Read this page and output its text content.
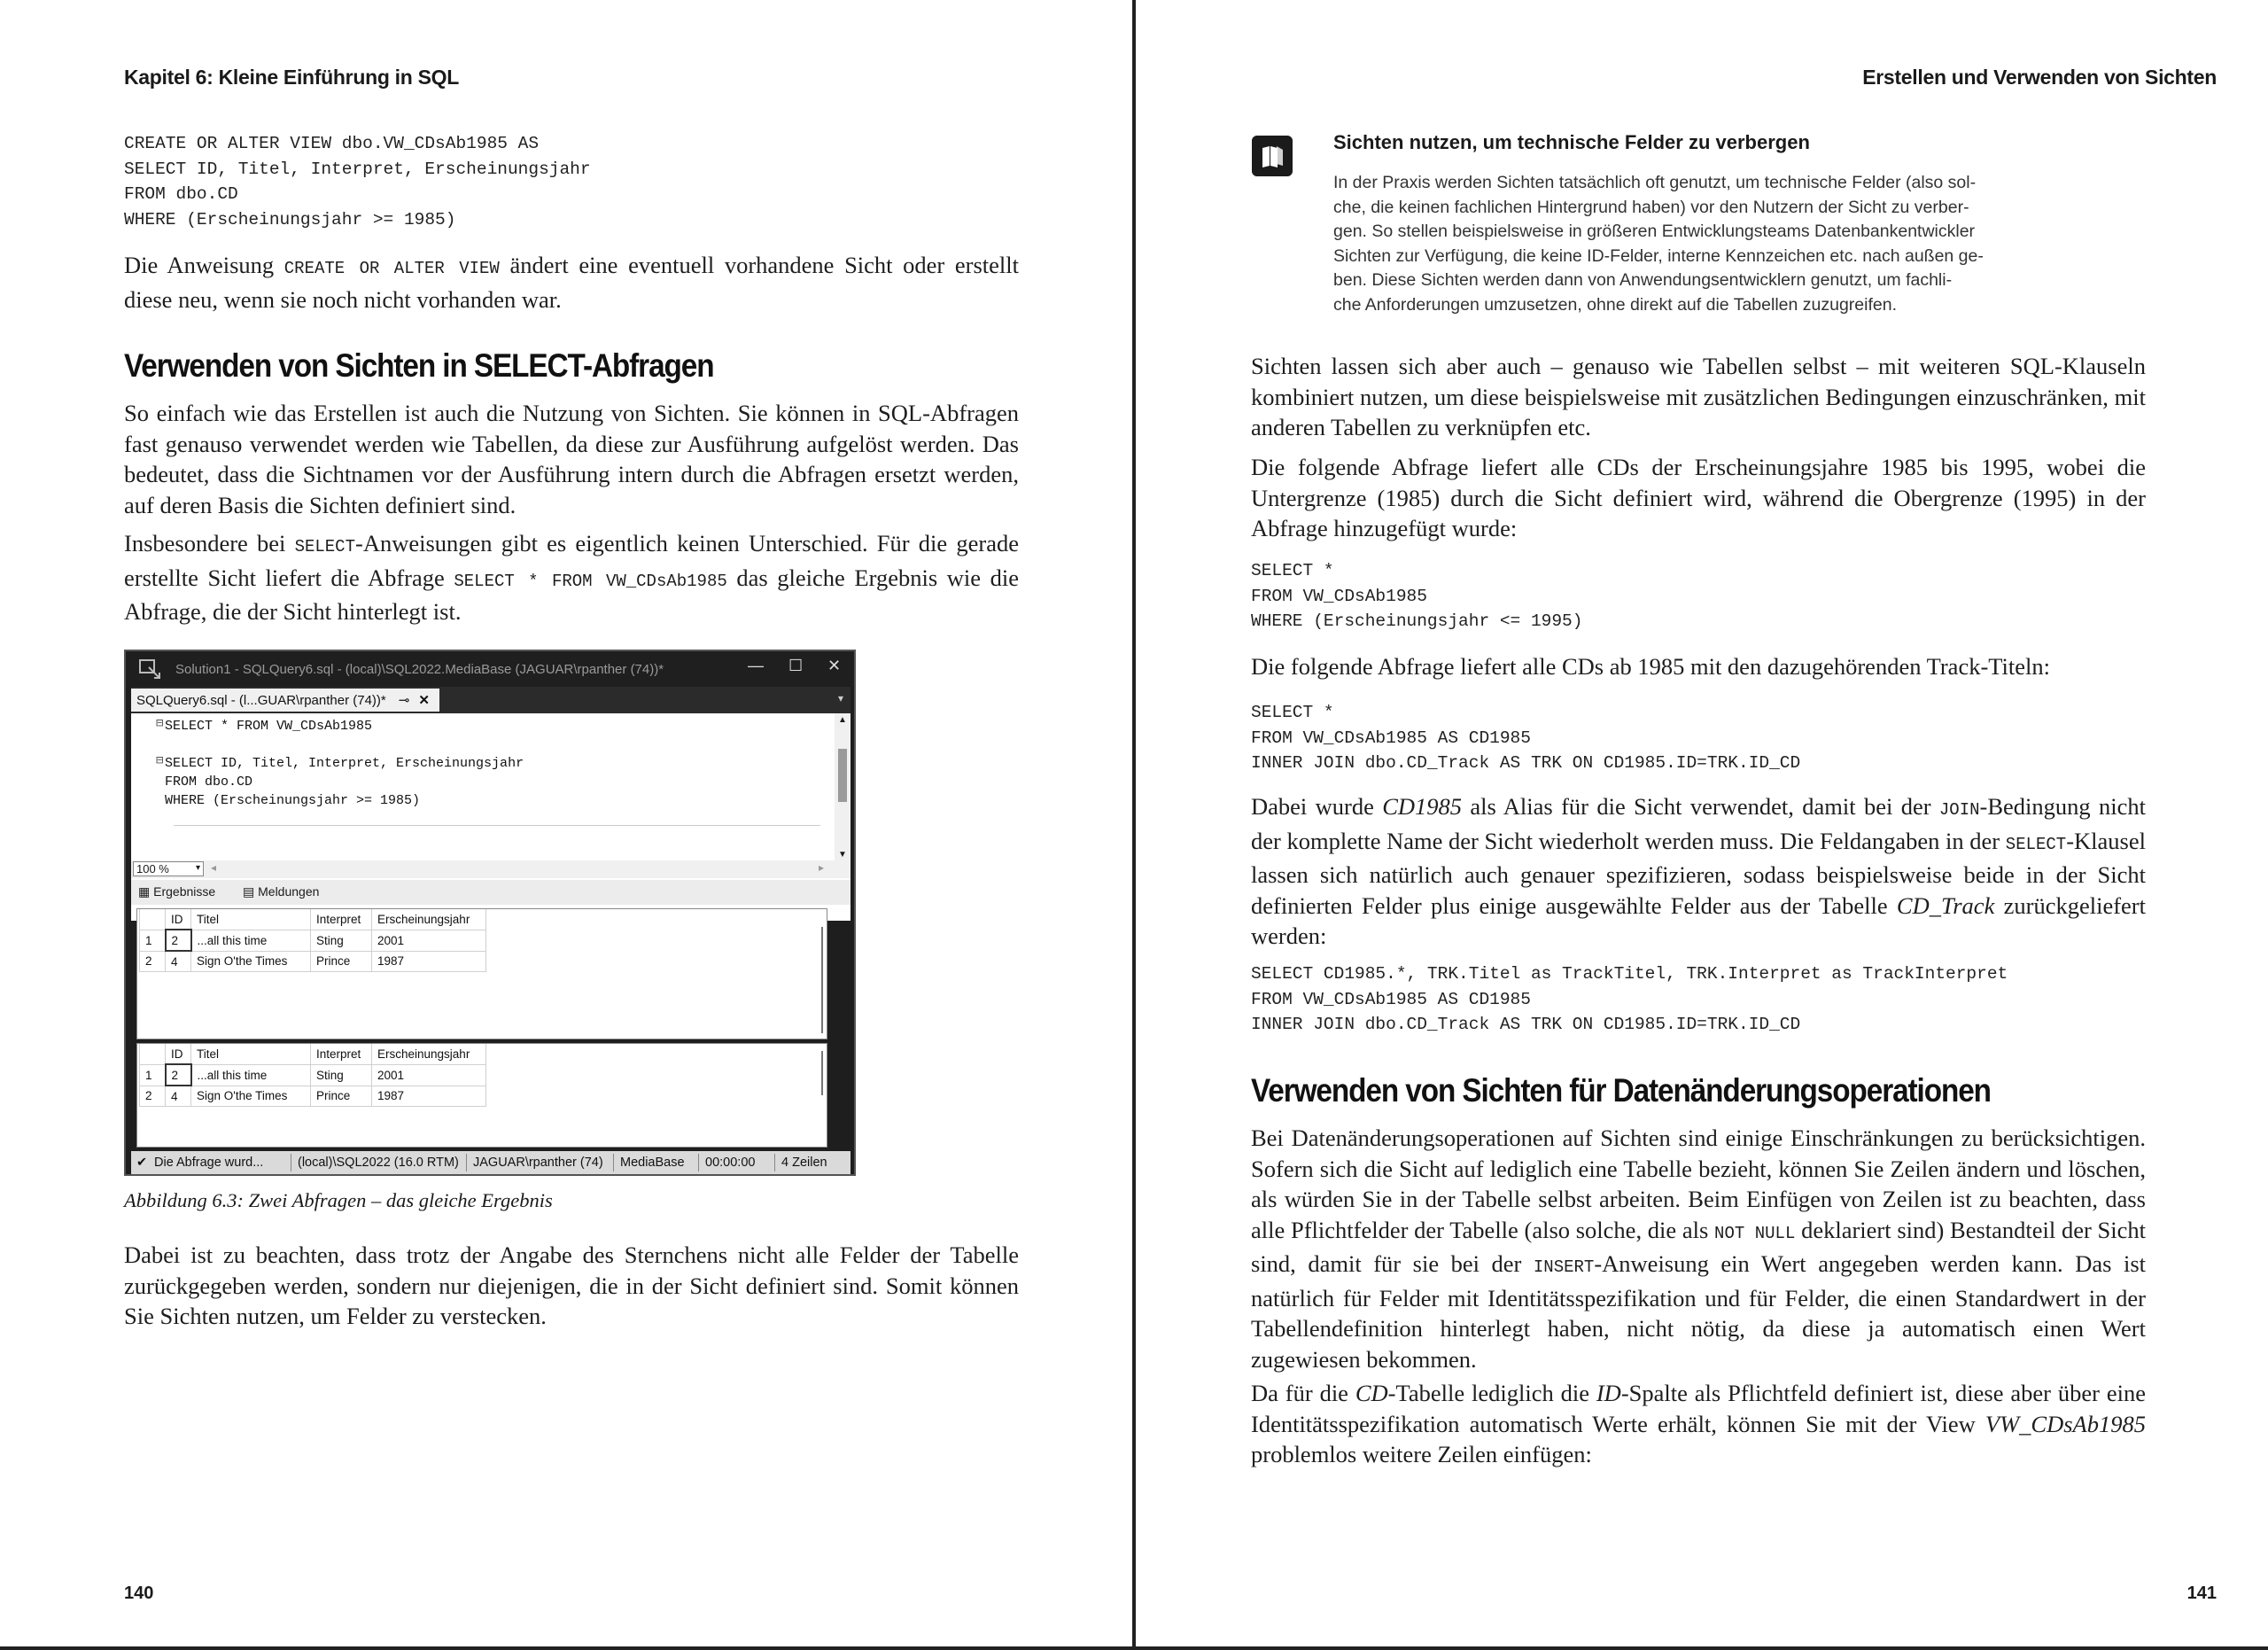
Kapitel 6: Kleine Einführung in SQL
CREATE OR ALTER VIEW dbo.VW_CDsAb1985 AS
SELECT ID, Titel, Interpret, Erscheinungsjahr
FROM dbo.CD
WHERE (Erscheinungsjahr >= 1985)

Die Anweisung CREATE OR ALTER VIEW ändert eine eventuell vorhandene Sicht oder erstellt diese neu, wenn sie noch nicht vorhanden war.

Verwenden von Sichten in SELECT-Abfragen

So einfach wie das Erstellen ist auch die Nutzung von Sichten. Sie können in SQL-Abfragen fast genauso verwendet werden wie Tabellen, da diese zur Ausführung aufgelöst werden. Das bedeutet, dass die Sichtnamen vor der Ausführung intern durch die Abfragen ersetzt werden, auf deren Basis die Sichten definiert sind.

Insbesondere bei SELECT-Anweisungen gibt es eigentlich keinen Unterschied. Für die gerade erstellte Sicht liefert die Abfrage SELECT * FROM VW_CDsAb1985 das gleiche Ergebnis wie die Abfrage, die der Sicht hinterlegt ist.

Solution1 - SQLQuery6.sql - (local)\SQL2022.MediaBase (JAGUAR\rpanther (74))*	— ☐ ✕
SQLQuery6.sql - (l...GUAR\rpanther (74))* ⊸ ✕	▾
⊟
⊟
SELECT * FROM VW_CDsAb1985

SELECT ID, Titel, Interpret, Erscheinungsjahr
FROM dbo.CD
WHERE (Erscheinungsjahr >= 1985)
▲
▼
100 %	▾ ◂	▸
▦ Ergebnisse ▤ Meldungen
	ID	Titel	Interpret	Erscheinungsjahr
1	2	...all this time	Sting	2001
2	4	Sign O'the Times	Prince	1987
	ID	Titel	Interpret	Erscheinungsjahr
1	2	...all this time	Sting	2001
2	4	Sign O'the Times	Prince	1987
✔ Die Abfrage wurd...	(local)\SQL2022 (16.0 RTM) JAGUAR\rpanther (74) MediaBase 00:00:00 4 Zeilen
Abbildung 6.3: Zwei Abfragen – das gleiche Ergebnis

Dabei ist zu beachten, dass trotz der Angabe des Sternchens nicht alle Felder der Tabelle zurückgegeben werden, sondern nur diejenigen, die in der Sicht definiert sind. Somit können Sie Sichten nutzen, um Felder zu verstecken.

140
Erstellen und Verwenden von Sichten
141
Sichten nutzen, um technische Felder zu verbergen
In der Praxis werden Sichten tatsächlich oft genutzt, um technische Felder (also sol-
che, die keinen fachlichen Hintergrund haben) vor den Nutzern der Sicht zu verber-
gen. So stellen beispielsweise in größeren Entwicklungsteams Datenbankentwickler
Sichten zur Verfügung, die keine ID-Felder, interne Kennzeichen etc. nach außen ge-
ben. Diese Sichten werden dann von Anwendungsentwicklern genutzt, um fachli-
che Anforderungen umzusetzen, ohne direkt auf die Tabellen zuzugreifen.

Sichten lassen sich aber auch – genauso wie Tabellen selbst – mit weiteren SQL-Klauseln kombiniert nutzen, um diese beispielsweise mit zusätzlichen Bedingungen einzuschränken, mit anderen Tabellen zu verknüpfen etc.

Die folgende Abfrage liefert alle CDs der Erscheinungsjahre 1985 bis 1995, wobei die Untergrenze (1985) durch die Sicht definiert wird, während die Obergrenze (1995) in der Abfrage hinzugefügt wurde:

SELECT *
FROM VW_CDsAb1985
WHERE (Erscheinungsjahr <= 1995)

Die folgende Abfrage liefert alle CDs ab 1985 mit den dazugehörenden Track-Titeln:

SELECT *
FROM VW_CDsAb1985 AS CD1985
INNER JOIN dbo.CD_Track AS TRK ON CD1985.ID=TRK.ID_CD

Dabei wurde CD1985 als Alias für die Sicht verwendet, damit bei der JOIN-Bedingung nicht der komplette Name der Sicht wiederholt werden muss. Die Feldangaben in der SELECT-Klausel lassen sich natürlich auch genauer spezifizieren, sodass beispielsweise beide in der Sicht definierten Felder plus einige ausgewählte Felder aus der Tabelle CD_Track zurückgeliefert werden:

SELECT CD1985.*, TRK.Titel as TrackTitel, TRK.Interpret as TrackInterpret
FROM VW_CDsAb1985 AS CD1985
INNER JOIN dbo.CD_Track AS TRK ON CD1985.ID=TRK.ID_CD
Verwenden von Sichten für Datenänderungsoperationen

Bei Datenänderungsoperationen auf Sichten sind einige Einschränkungen zu berücksichtigen. Sofern sich die Sicht auf lediglich eine Tabelle bezieht, können Sie Zeilen ändern und löschen, als würden Sie in der Tabelle selbst arbeiten. Beim Einfügen von Zeilen ist zu beachten, dass alle Pflichtfelder der Tabelle (also solche, die als NOT NULL deklariert sind) Bestandteil der Sicht sind, damit für sie bei der INSERT-Anweisung ein Wert angegeben werden kann. Das ist natürlich für Felder mit Identitätsspezifikation und für Felder, die einen Standardwert in der Tabellendefinition hinterlegt haben, nicht nötig, da diese ja automatisch einen Wert zugewiesen bekommen.

Da für die CD-Tabelle lediglich die ID-Spalte als Pflichtfeld definiert ist, diese aber über eine Identitätsspezifikation automatisch Werte erhält, können Sie mit der View VW_CDsAb1985 problemlos weitere Zeilen einfügen:
